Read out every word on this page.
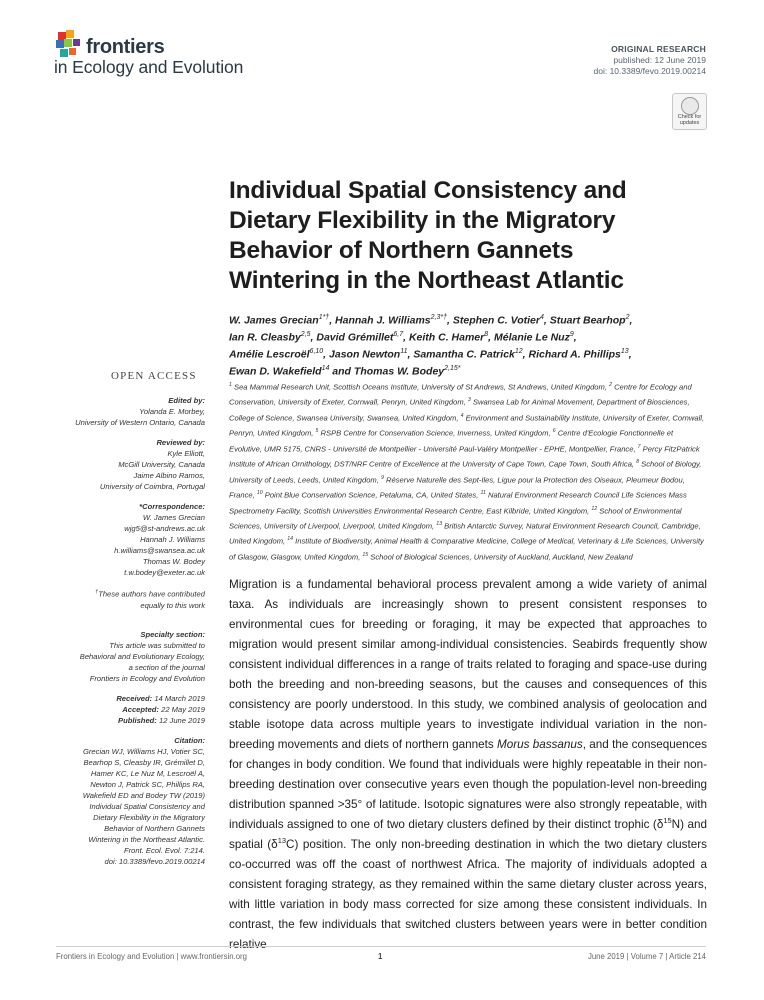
frontiers
in Ecology and Evolution
ORIGINAL RESEARCH
published: 12 June 2019
doi: 10.3389/fevo.2019.00214
Check for
updates
Individual Spatial Consistency and Dietary Flexibility in the Migratory Behavior of Northern Gannets Wintering in the Northeast Atlantic
W. James Grecian$^{1*\dagger}$, Hannah J. Williams$^{2,3*\dagger}$, Stephen C. Votier$^4$, Stuart Bearhop$^2$,
Ian R. Cleasby$^{2,5}$, David Grémillet$^{6,7}$, Keith C. Hamer$^8$, Mélanie Le Nuz$^9$,
Amélie Lescroël$^{6,10}$, Jason Newton$^{11}$, Samantha C. Patrick$^{12}$, Richard A. Phillips$^{13}$,
Ewan D. Wakefield$^{14}$ and Thomas W. Bodey$^{2,15*}$
$^1$ Sea Mammal Research Unit, Scottish Oceans Institute, University of St Andrews, St Andrews, United Kingdom, $^2$ Centre for Ecology and Conservation, University of Exeter, Cornwall, Penryn, United Kingdom, $^3$ Swansea Lab for Animal Movement, Department of Biosciences, College of Science, Swansea University, Swansea, United Kingdom, $^4$ Environment and Sustainability Institute, University of Exeter, Cornwall, Penryn, United Kingdom, $^5$ RSPB Centre for Conservation Science, Inverness, United Kingdom, $^6$ Centre d'Ecologie Fonctionnelle et Evolutive, UMR 5175, CNRS - Université de Montpellier - Université Paul-Valéry Montpellier - EPHE, Montpellier, France, $^7$ Percy FitzPatrick Institute of African Ornithology, DST/NRF Centre of Excellence at the University of Cape Town, Cape Town, South Africa, $^8$ School of Biology, University of Leeds, Leeds, United Kingdom, $^9$ Réserve Naturelle des Sept-Iles, Ligue pour la Protection des Oiseaux, Pleumeur Bodou, France, $^{10}$ Point Blue Conservation Science, Petaluma, CA, United States, $^{11}$ Natural Environment Research Council Life Sciences Mass Spectrometry Facility, Scottish Universities Environmental Research Centre, East Kilbride, United Kingdom, $^{12}$ School of Environmental Sciences, University of Liverpool, Liverpool, United Kingdom, $^{13}$ British Antarctic Survey, Natural Environment Research Council, Cambridge, United Kingdom, $^{14}$ Institute of Biodiversity, Animal Health & Comparative Medicine, College of Medical, Veterinary & Life Sciences, University of Glasgow, Glasgow, United Kingdom, $^{15}$ School of Biological Sciences, University of Auckland, Auckland, New Zealand

Migration is a fundamental behavioral process prevalent among a wide variety of animal taxa. As individuals are increasingly shown to present consistent responses to environmental cues for breeding or foraging, it may be expected that approaches to migration would present similar among-individual consistencies. Seabirds frequently show consistent individual differences in a range of traits related to foraging and space-use during both the breeding and non-breeding seasons, but the causes and consequences of this consistency are poorly understood. In this study, we combined analysis of geolocation and stable isotope data across multiple years to investigate individual variation in the non-breeding movements and diets of northern gannets Morus bassanus, and the consequences for changes in body condition. We found that individuals were highly repeatable in their non-breeding destination over consecutive years even though the population-level non-breeding distribution spanned >35° of latitude. Isotopic signatures were also strongly repeatable, with individuals assigned to one of two dietary clusters defined by their distinct trophic $(\delta^{15}N)$ and spatial $(\delta^{13}C)$ position. The only non-breeding destination in which the two dietary clusters co-occurred was off the coast of northwest Africa. The majority of individuals adopted a consistent foraging strategy, as they remained within the same dietary cluster across years, with little variation in body mass corrected for size among these consistent individuals. In contrast, the few individuals that switched clusters between years were in better condition relative

OPEN ACCESS
Edited by:
Yolanda E. Morbey,
University of Western Ontario, Canada
Reviewed by:
Kyle Elliott,
McGill University, Canada
Jaime Albino Ramos,
University of Coimbra, Portugal
*Correspondence:
W. James Grecian
wjg5@st-andrews.ac.uk
Hannah J. Williams
h.williams@swansea.ac.uk
Thomas W. Bodey
t.w.bodey@exeter.ac.uk
†These authors have contributed
equally to this work
Specialty section:
This article was submitted to
Behavioral and Evolutionary Ecology,
a section of the journal
Frontiers in Ecology and Evolution
Received: 14 March 2019
Accepted: 22 May 2019
Published: 12 June 2019
Citation:
Grecian WJ, Williams HJ, Votier SC,
Bearhop S, Cleasby IR, Grémillet D,
Hamer KC, Le Nuz M, Lescroël A,
Newton J, Patrick SC, Phillips RA,
Wakefield ED and Bodey TW (2019)
Individual Spatial Consistency and
Dietary Flexibility in the Migratory
Behavior of Northern Gannets
Wintering in the Northeast Atlantic.
Front. Ecol. Evol. 7:214.
doi: 10.3389/fevo.2019.00214
Frontiers in Ecology and Evolution | www.frontiersin.org	1	June 2019 | Volume 7 | Article 214
